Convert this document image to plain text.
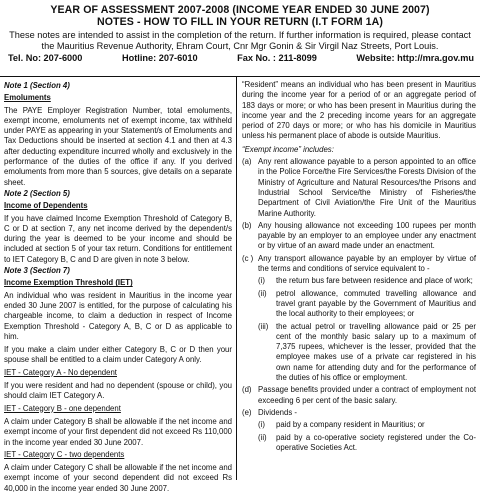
YEAR OF ASSESSMENT 2007-2008 (INCOME YEAR ENDED 30 JUNE 2007)
NOTES - HOW TO FILL IN YOUR RETURN (I.T FORM 1A)
These notes are intended to assist in the completion of the return. If further information is required, please contact the Mauritius Revenue Authority, Ehram Court, Cnr Mgr Gonin & Sir Virgil Naz Streets, Port Louis.
Tel. No: 207-6000	Hotline: 207-6010	Fax No. : 211-8099	Website: http://mra.gov.mu

Note 1 (Section 4)

Emoluments

The PAYE Employer Registration Number, total emoluments, exempt income, emoluments net of exempt income, tax withheld under PAYE as appearing in your Statement/s of Emoluments and Tax Deductions should be inserted at section 4.1 and then at 4.3 after deducting expenditure incurred wholly and exclusively in the performance of the duties of the office if any. If you derived emoluments from more than 5 sources, give details on a separate sheet.

Note 2 (Section 5)

Income of Dependents

If you have claimed Income Exemption Threshold of Category B, C or D at section 7, any net income derived by the dependent/s during the year is deemed to be your income and should be included at section 5 of your tax return. Conditions for entitlement to IET Category B, C and D are given in note 3 below.

Note 3 (Section 7)

Income Exemption Threshold (IET)

An individual who was resident in Mauritius in the income year ended 30 June 2007 is entitled, for the purpose of calculating his chargeable income, to claim a deduction in respect of Income Exemption Threshold - Category A, B, C or D as applicable to him.

If you make a claim under either Category B, C or D then your spouse shall be entitled to a claim under Category A only.

IET - Category A - No dependent

If you were resident and had no dependent (spouse or child), you should claim IET Category A.

IET - Category B - one dependent

A claim under Category B shall be allowable if the net income and exempt income of your first dependent did not exceed Rs 110,000 in the income year ended 30 June 2007.

IET - Category C - two dependents

A claim under Category C shall be allowable if the net income and exempt income of your second dependent did not exceed Rs 40,000 in the income year ended 30 June 2007.

“Resident” means an individual who has been present in Mauritius during the income year for a period of or an aggregate period of 183 days or more; or who has been present in Mauritius during the income year and the 2 preceding income years for an aggregate period of 270 days or more; or who has his domicile in Mauritius unless his permanent place of abode is outside Mauritius.

“Exempt income” includes:

(a) Any rent allowance payable to a person appointed to an office in the Police Force/the Fire Services/the Forests Division of the Ministry of Agriculture and Natural Resources/the Prisons and Industrial School Service/the Ministry of Fisheries/the Department of Civil Aviation/the Fire Unit of the Mauritius Marine Authority.
(b) Any housing allowance not exceeding 100 rupees per month payable by an employer to an employee under any enactment or by virtue of an award made under an enactment.
(c ) Any transport allowance payable by an employer by virtue of the terms and conditions of service equivalent to -
(i)	the return bus fare between residence and place of work;
(ii)	petrol allowance, commuted travelling allowance and travel grant payable by the Government of Mauritius and the local authority to their employees; or
(iii) the actual petrol or travelling allowance paid or 25 per cent of the monthly basic salary up to a maximum of 7,375 rupees, whichever is the lesser, provided that the employee makes use of a private car registered in his own name for attending duty and for the performance of the duties of his office or employment.
(d) Passage benefits provided under a contract of employment not exceeding 6 per cent of the basic salary.
(e) Dividends -
(i)	paid by a company resident in Mauritius; or
(ii)	paid by a co-operative society registered under the Co-operative Societies Act.
